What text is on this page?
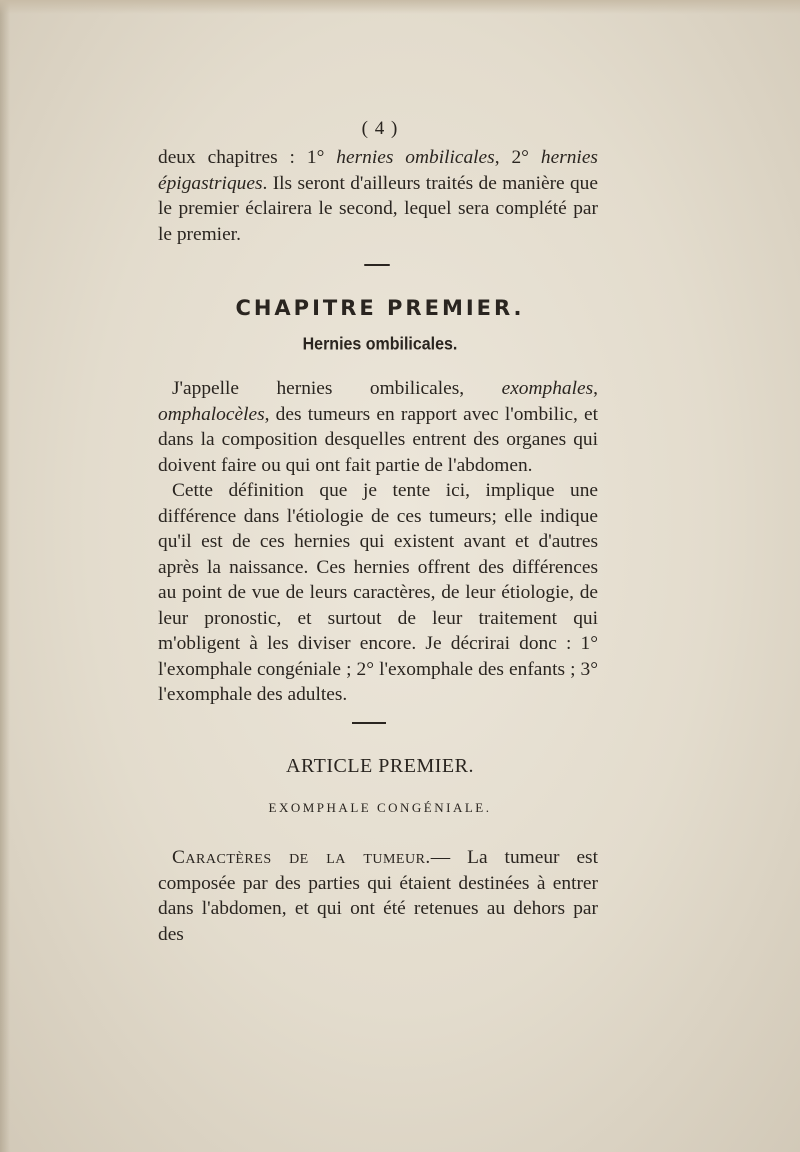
( 4 )

deux chapitres : 1° hernies ombilicales, 2° hernies épigastriques. Ils seront d'ailleurs traités de manière que le premier éclairera le second, lequel sera complété par le premier.

CHAPITRE PREMIER.
Hernies ombilicales.

J'appelle hernies ombilicales, exomphales, omphalocèles, des tumeurs en rapport avec l'ombilic, et dans la composition desquelles entrent des organes qui doivent faire ou qui ont fait partie de l'abdomen.

Cette définition que je tente ici, implique une différence dans l'étiologie de ces tumeurs; elle indique qu'il est de ces hernies qui existent avant et d'autres après la naissance. Ces hernies offrent des différences au point de vue de leurs caractères, de leur étiologie, de leur pronostic, et surtout de leur traitement qui m'obligent à les diviser encore. Je décrirai donc : 1° l'exomphale congéniale ; 2° l'exomphale des enfants ; 3° l'exomphale des adultes.

ARTICLE PREMIER.
EXOMPHALE CONGÉNIALE.

Caractères de la tumeur.— La tumeur est composée par des parties qui étaient destinées à entrer dans l'abdomen, et qui ont été retenues au dehors par des
